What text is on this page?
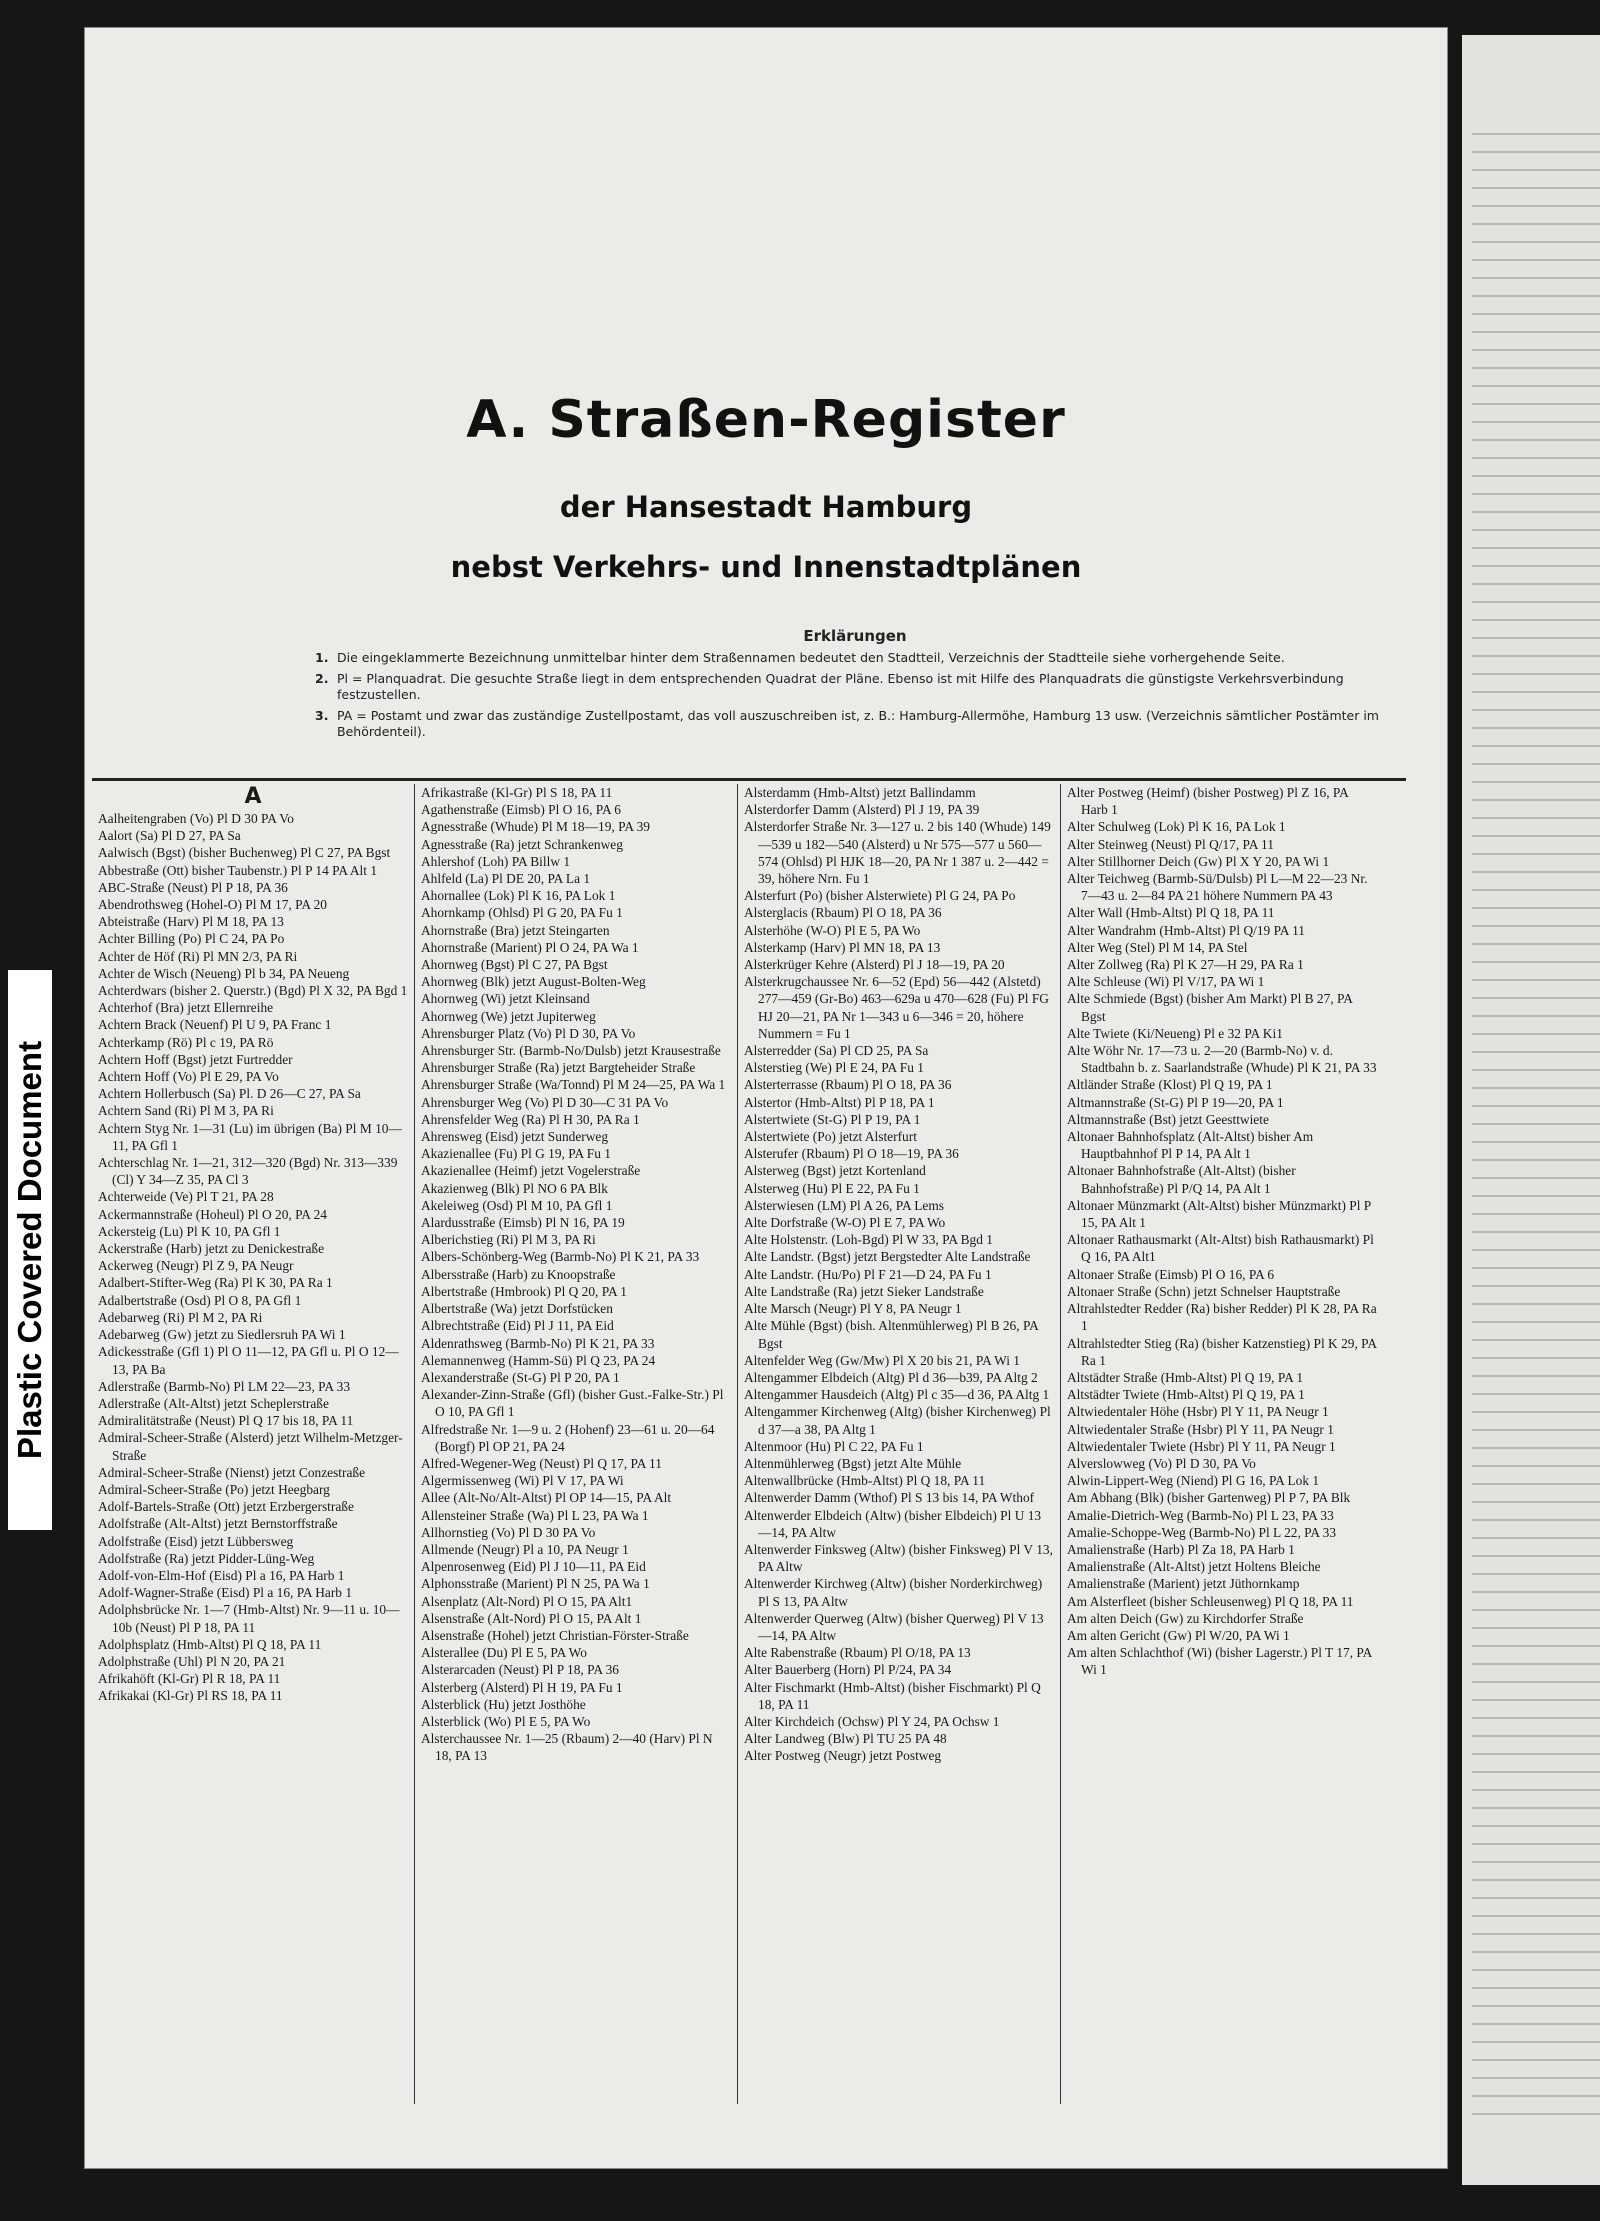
Plastic Covered Document
A. Straßen-Register
der Hansestadt Hamburg
nebst Verkehrs- und Innenstadtplänen
Erklärungen
1. Die eingeklammerte Bezeichnung unmittelbar hinter dem Straßennamen bedeutet den Stadtteil, Verzeichnis der Stadtteile siehe vorhergehende Seite.
2. Pl = Planquadrat. Die gesuchte Straße liegt in dem entsprechenden Quadrat der Pläne. Ebenso ist mit Hilfe des Planquadrats die günstigste Verkehrsverbindung festzustellen.
3. PA = Postamt und zwar das zuständige Zustellpostamt, das voll auszuschreiben ist, z. B.: Hamburg-Allermöhe, Hamburg 13 usw. (Verzeichnis sämtlicher Postämter im Behördenteil).
A
Aalheitengraben (Vo) Pl D 30 PA Vo
Aalort (Sa) Pl D 27, PA Sa
Aalwisch (Bgst) (bisher Buchenweg) Pl C 27, PA Bgst
Abbestraße (Ott) bisher Taubenstr.) Pl P 14 PA Alt 1
ABC-Straße (Neust) Pl P 18, PA 36
Abendrothsweg (Hohel-O) Pl M 17, PA 20
Abteistraße (Harv) Pl M 18, PA 13
Achter Billing (Po) Pl C 24, PA Po
Achter de Höf (Ri) Pl MN 2/3, PA Ri
Achter de Wisch (Neueng) Pl b 34, PA Neueng
Achterdwars (bisher 2. Querstr.) (Bgd) Pl X 32, PA Bgd 1
Achterhof (Bra) jetzt Ellernreihe
Achtern Brack (Neuenf) Pl U 9, PA Franc 1
Achterkamp (Rö) Pl c 19, PA Rö
Achtern Hoff (Bgst) jetzt Furtredder
Achtern Hoff (Vo) Pl E 29, PA Vo
Achtern Hollerbusch (Sa) Pl. D 26—C 27, PA Sa
Achtern Sand (Ri) Pl M 3, PA Ri
Achtern Styg Nr. 1—31 (Lu) im übrigen (Ba) Pl M 10—11, PA Gfl 1
Achterschlag Nr. 1—21, 312—320 (Bgd) Nr. 313—339 (Cl) Y 34—Z 35, PA Cl 3
Achterweide (Ve) Pl T 21, PA 28
Ackermannstraße (Hoheul) Pl O 20, PA 24
Ackersteig (Lu) Pl K 10, PA Gfl 1
Ackerstraße (Harb) jetzt zu Denickestraße
Ackerweg (Neugr) Pl Z 9, PA Neugr
Adalbert-Stifter-Weg (Ra) Pl K 30, PA Ra 1
Adalbertstraße (Osd) Pl O 8, PA Gfl 1
Adebarweg (Ri) Pl M 2, PA Ri
Adebarweg (Gw) jetzt zu Siedlersruh PA Wi 1
Adickesstraße (Gfl 1) Pl O 11—12, PA Gfl u. Pl O 12—13, PA Ba
Adlerstraße (Barmb-No) Pl LM 22—23, PA 33
Adlerstraße (Alt-Altst) jetzt Scheplerstraße
Admiralitätstraße (Neust) Pl Q 17 bis 18, PA 11
Admiral-Scheer-Straße (Alsterd) jetzt Wilhelm-Metzger-Straße
Admiral-Scheer-Straße (Nienst) jetzt Conzestraße
Admiral-Scheer-Straße (Po) jetzt Heegbarg
Adolf-Bartels-Straße (Ott) jetzt Erzbergerstraße
Adolfstraße (Alt-Altst) jetzt Bernstorffstraße
Adolfstraße (Eisd) jetzt Lübbersweg
Adolfstraße (Ra) jetzt Pidder-Lüng-Weg
Adolf-von-Elm-Hof (Eisd) Pl a 16, PA Harb 1
Adolf-Wagner-Straße (Eisd) Pl a 16, PA Harb 1
Adolphsbrücke Nr. 1—7 (Hmb-Altst) Nr. 9—11 u. 10—10b (Neust) Pl P 18, PA 11
Adolphsplatz (Hmb-Altst) Pl Q 18, PA 11
Adolphstraße (Uhl) Pl N 20, PA 21
Afrikahöft (Kl-Gr) Pl R 18, PA 11
Afrikakai (Kl-Gr) Pl RS 18, PA 11
Afrikastraße (Kl-Gr) Pl S 18, PA 11
Agathenstraße (Eimsb) Pl O 16, PA 6
Agnesstraße (Whude) Pl M 18—19, PA 39
Agnesstraße (Ra) jetzt Schrankenweg
Ahlershof (Loh) PA Billw 1
Ahlfeld (La) Pl DE 20, PA La 1
Ahornallee (Lok) Pl K 16, PA Lok 1
Ahornkamp (Ohlsd) Pl G 20, PA Fu 1
Ahornstraße (Bra) jetzt Steingarten
Ahornstraße (Marient) Pl O 24, PA Wa 1
Ahornweg (Bgst) Pl C 27, PA Bgst
Ahornweg (Blk) jetzt August-Bolten-Weg
Ahornweg (Wi) jetzt Kleinsand
Ahornweg (We) jetzt Jupiterweg
Ahrensburger Platz (Vo) Pl D 30, PA Vo
Ahrensburger Str. (Barmb-No/Dulsb) jetzt Krausestraße
Ahrensburger Straße (Ra) jetzt Bargteheider Straße
Ahrensburger Straße (Wa/Tonnd) Pl M 24—25, PA Wa 1
Ahrensburger Weg (Vo) Pl D 30—C 31 PA Vo
Ahrensfelder Weg (Ra) Pl H 30, PA Ra 1
Ahrensweg (Eisd) jetzt Sunderweg
Akazienallee (Fu) Pl G 19, PA Fu 1
Akazienallee (Heimf) jetzt Vogelerstraße
Akazienweg (Blk) Pl NO 6 PA Blk
Akeleiweg (Osd) Pl M 10, PA Gfl 1
Alardusstraße (Eimsb) Pl N 16, PA 19
Alberichstieg (Ri) Pl M 3, PA Ri
Albers-Schönberg-Weg (Barmb-No) Pl K 21, PA 33
Albersstraße (Harb) zu Knoopstraße
Albertstraße (Hmbrook) Pl Q 20, PA 1
Albertstraße (Wa) jetzt Dorfstücken
Albrechtstraße (Eid) Pl J 11, PA Eid
Aldenrathsweg (Barmb-No) Pl K 21, PA 33
Alemannenweg (Hamm-Sü) Pl Q 23, PA 24
Alexanderstraße (St-G) Pl P 20, PA 1
Alexander-Zinn-Straße (Gfl) (bisher Gust.-Falke-Str.) Pl O 10, PA Gfl 1
Alfredstraße Nr. 1—9 u. 2 (Hohenf) 23—61 u. 20—64 (Borgf) Pl OP 21, PA 24
Alfred-Wegener-Weg (Neust) Pl Q 17, PA 11
Algermissenweg (Wi) Pl V 17, PA Wi
Allee (Alt-No/Alt-Altst) Pl OP 14—15, PA Alt
Allensteiner Straße (Wa) Pl L 23, PA Wa 1
Allhornstieg (Vo) Pl D 30 PA Vo
Allmende (Neugr) Pl a 10, PA Neugr 1
Alpenrosenweg (Eid) Pl J 10—11, PA Eid
Alphonsstraße (Marient) Pl N 25, PA Wa 1
Alsenplatz (Alt-Nord) Pl O 15, PA Alt1
Alsenstraße (Alt-Nord) Pl O 15, PA Alt 1
Alsenstraße (Hohel) jetzt Christian-Förster-Straße
Alsterallee (Du) Pl E 5, PA Wo
Alsterarcaden (Neust) Pl P 18, PA 36
Alsterberg (Alsterd) Pl H 19, PA Fu 1
Alsterblick (Hu) jetzt Josthöhe
Alsterblick (Wo) Pl E 5, PA Wo
Alsterchaussee Nr. 1—25 (Rbaum) 2—40 (Harv) Pl N 18, PA 13
Alsterdamm (Hmb-Altst) jetzt Ballindamm
Alsterdorfer Damm (Alsterd) Pl J 19, PA 39
Alsterdorfer Straße Nr. 3—127 u. 2 bis 140 (Whude) 149—539 u 182—540 (Alsterd) u Nr 575—577 u 560—574 (Ohlsd) Pl HJK 18—20, PA Nr 1 387 u. 2—442 = 39, höhere Nrn. Fu 1
Alsterfurt (Po) (bisher Alsterwiete) Pl G 24, PA Po
Alsterglacis (Rbaum) Pl O 18, PA 36
Alsterhöhe (W-O) Pl E 5, PA Wo
Alsterkamp (Harv) Pl MN 18, PA 13
Alsterkrüger Kehre (Alsterd) Pl J 18—19, PA 20
Alsterkrugchaussee Nr. 6—52 (Epd) 56—442 (Alstetd) 277—459 (Gr-Bo) 463—629a u 470—628 (Fu) Pl FG HJ 20—21, PA Nr 1—343 u 6—346 = 20, höhere Nummern = Fu 1
Alsterredder (Sa) Pl CD 25, PA Sa
Alsterstieg (We) Pl E 24, PA Fu 1
Alsterterrasse (Rbaum) Pl O 18, PA 36
Alstertor (Hmb-Altst) Pl P 18, PA 1
Alstertwiete (St-G) Pl P 19, PA 1
Alstertwiete (Po) jetzt Alsterfurt
Alsterufer (Rbaum) Pl O 18—19, PA 36
Alsterweg (Bgst) jetzt Kortenland
Alsterweg (Hu) Pl E 22, PA Fu 1
Alsterwiesen (LM) Pl A 26, PA Lems
Alte Dorfstraße (W-O) Pl E 7, PA Wo
Alte Holstenstr. (Loh-Bgd) Pl W 33, PA Bgd 1
Alte Landstr. (Bgst) jetzt Bergstedter Alte Landstraße
Alte Landstr. (Hu/Po) Pl F 21—D 24, PA Fu 1
Alte Landstraße (Ra) jetzt Sieker Landstraße
Alte Marsch (Neugr) Pl Y 8, PA Neugr 1
Alte Mühle (Bgst) (bish. Altenmühlerweg) Pl B 26, PA Bgst
Altenfelder Weg (Gw/Mw) Pl X 20 bis 21, PA Wi 1
Altengammer Elbdeich (Altg) Pl d 36—b39, PA Altg 2
Altengammer Hausdeich (Altg) Pl c 35—d 36, PA Altg 1
Altengammer Kirchenweg (Altg) (bisher Kirchenweg) Pl d 37—a 38, PA Altg 1
Altenmoor (Hu) Pl C 22, PA Fu 1
Altenmühlerweg (Bgst) jetzt Alte Mühle
Altenwallbrücke (Hmb-Altst) Pl Q 18, PA 11
Altenwerder Damm (Wthof) Pl S 13 bis 14, PA Wthof
Altenwerder Elbdeich (Altw) (bisher Elbdeich) Pl U 13—14, PA Altw
Altenwerder Finksweg (Altw) (bisher Finksweg) Pl V 13, PA Altw
Altenwerder Kirchweg (Altw) (bisher Norderkirchweg) Pl S 13, PA Altw
Altenwerder Querweg (Altw) (bisher Querweg) Pl V 13—14, PA Altw
Alte Rabenstraße (Rbaum) Pl O/18, PA 13
Alter Bauerberg (Horn) Pl P/24, PA 34
Alter Fischmarkt (Hmb-Altst) (bisher Fischmarkt) Pl Q 18, PA 11
Alter Kirchdeich (Ochsw) Pl Y 24, PA Ochsw 1
Alter Landweg (Blw) Pl TU 25 PA 48
Alter Postweg (Neugr) jetzt Postweg
Alter Postweg (Heimf) (bisher Postweg) Pl Z 16, PA Harb 1
Alter Schulweg (Lok) Pl K 16, PA Lok 1
Alter Steinweg (Neust) Pl Q/17, PA 11
Alter Stillhorner Deich (Gw) Pl X Y 20, PA Wi 1
Alter Teichweg (Barmb-Sü/Dulsb) Pl L—M 22—23 Nr. 7—43 u. 2—84 PA 21 höhere Nummern PA 43
Alter Wall (Hmb-Altst) Pl Q 18, PA 11
Alter Wandrahm (Hmb-Altst) Pl Q/19 PA 11
Alter Weg (Stel) Pl M 14, PA Stel
Alter Zollweg (Ra) Pl K 27—H 29, PA Ra 1
Alte Schleuse (Wi) Pl V/17, PA Wi 1
Alte Schmiede (Bgst) (bisher Am Markt) Pl B 27, PA Bgst
Alte Twiete (Ki/Neueng) Pl e 32 PA Ki1
Alte Wöhr Nr. 17—73 u. 2—20 (Barmb-No) v. d. Stadtbahn b. z. Saarlandstraße (Whude) Pl K 21, PA 33
Altländer Straße (Klost) Pl Q 19, PA 1
Altmannstraße (St-G) Pl P 19—20, PA 1
Altmannstraße (Bst) jetzt Geesttwiete
Altonaer Bahnhofsplatz (Alt-Altst) bisher Am Hauptbahnhof Pl P 14, PA Alt 1
Altonaer Bahnhofstraße (Alt-Altst) (bisher Bahnhofstraße) Pl P/Q 14, PA Alt 1
Altonaer Münzmarkt (Alt-Altst) bisher Münzmarkt) Pl P 15, PA Alt 1
Altonaer Rathausmarkt (Alt-Altst) bish Rathausmarkt) Pl Q 16, PA Alt1
Altonaer Straße (Eimsb) Pl O 16, PA 6
Altonaer Straße (Schn) jetzt Schnelser Hauptstraße
Altrahlstedter Redder (Ra) bisher Redder) Pl K 28, PA Ra 1
Altrahlstedter Stieg (Ra) (bisher Katzenstieg) Pl K 29, PA Ra 1
Altstädter Straße (Hmb-Altst) Pl Q 19, PA 1
Altstädter Twiete (Hmb-Altst) Pl Q 19, PA 1
Altwiedentaler Höhe (Hsbr) Pl Y 11, PA Neugr 1
Altwiedentaler Straße (Hsbr) Pl Y 11, PA Neugr 1
Altwiedentaler Twiete (Hsbr) Pl Y 11, PA Neugr 1
Alverslowweg (Vo) Pl D 30, PA Vo
Alwin-Lippert-Weg (Niend) Pl G 16, PA Lok 1
Am Abhang (Blk) (bisher Gartenweg) Pl P 7, PA Blk
Amalie-Dietrich-Weg (Barmb-No) Pl L 23, PA 33
Amalie-Schoppe-Weg (Barmb-No) Pl L 22, PA 33
Amalienstraße (Harb) Pl Za 18, PA Harb 1
Amalienstraße (Alt-Altst) jetzt Holtens Bleiche
Amalienstraße (Marient) jetzt Jüthornkamp
Am Alsterfleet (bisher Schleusenweg) Pl Q 18, PA 11
Am alten Deich (Gw) zu Kirchdorfer Straße
Am alten Gericht (Gw) Pl W/20, PA Wi 1
Am alten Schlachthof (Wi) (bisher Lagerstr.) Pl T 17, PA Wi 1
